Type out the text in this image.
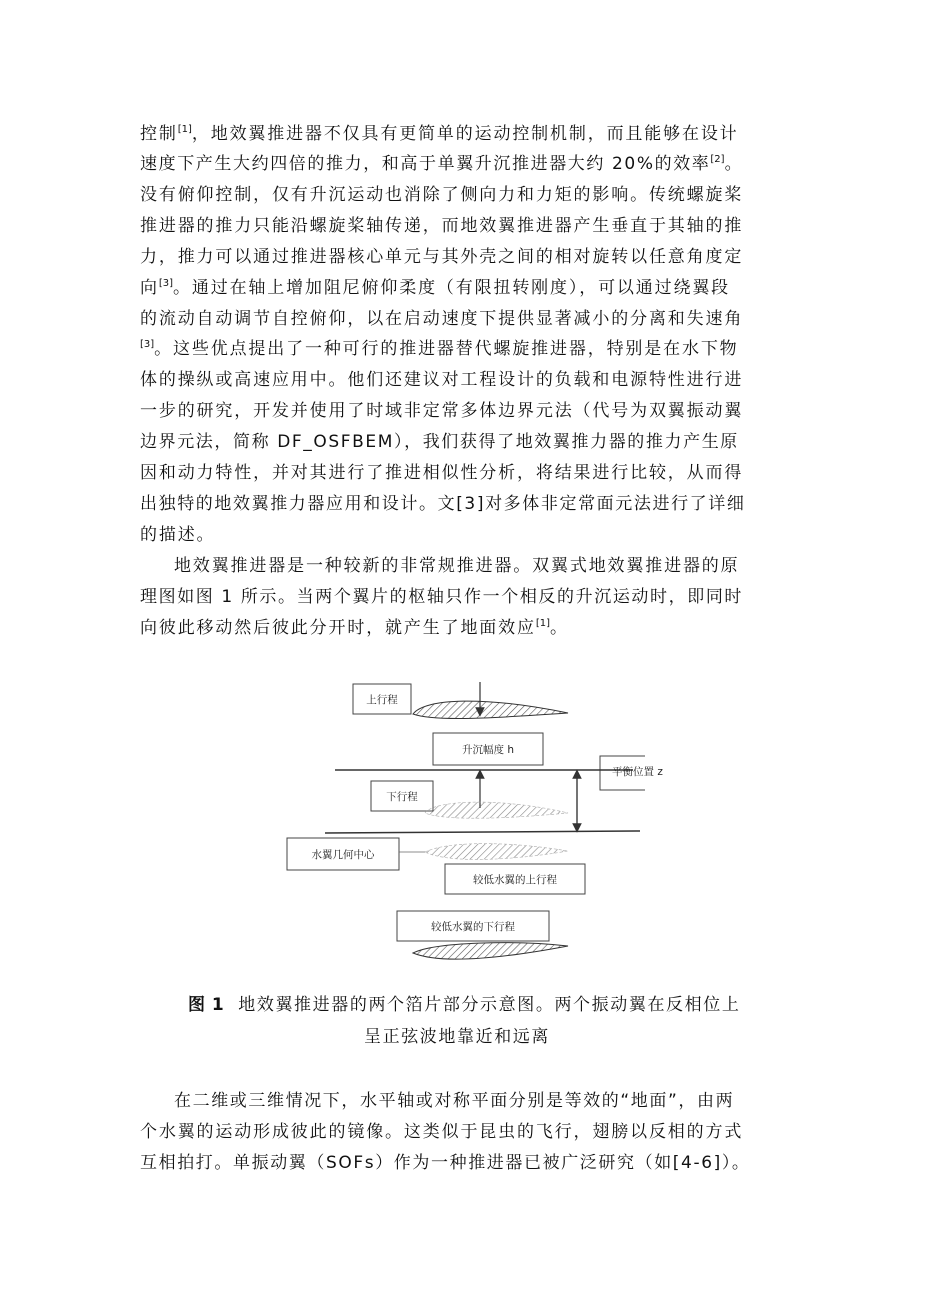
控制[1]，地效翼推进器不仅具有更简单的运动控制机制，而且能够在设计
速度下产生大约四倍的推力，和高于单翼升沉推进器大约 20%的效率[2]。
没有俯仰控制，仅有升沉运动也消除了侧向力和力矩的影响。传统螺旋桨
推进器的推力只能沿螺旋桨轴传递，而地效翼推进器产生垂直于其轴的推
力，推力可以通过推进器核心单元与其外壳之间的相对旋转以任意角度定
向[3]。通过在轴上增加阻尼俯仰柔度（有限扭转刚度），可以通过绕翼段
的流动自动调节自控俯仰，以在启动速度下提供显著减小的分离和失速角
[3]。这些优点提出了一种可行的推进器替代螺旋推进器，特别是在水下物
体的操纵或高速应用中。他们还建议对工程设计的负载和电源特性进行进
一步的研究，开发并使用了时域非定常多体边界元法（代号为双翼振动翼
边界元法，简称 DF_OSFBEM），我们获得了地效翼推力器的推力产生原
因和动力特性，并对其进行了推进相似性分析，将结果进行比较，从而得
出独特的地效翼推力器应用和设计。文[3]对多体非定常面元法进行了详细
的描述。
地效翼推进器是一种较新的非常规推进器。双翼式地效翼推进器的原
理图如图 1 所示。当两个翼片的枢轴只作一个相反的升沉运动时，即同时
向彼此移动然后彼此分开时，就产生了地面效应[1]。
上行程
升沉幅度 h
下行程
水翼几何中心
较低水翼的上行程
较低水翼的下行程
平衡位置 z
图 1 地效翼推进器的两个箔片部分示意图。两个振动翼在反相位上
呈正弦波地靠近和远离
在二维或三维情况下，水平轴或对称平面分别是等效的“地面”，由两
个水翼的运动形成彼此的镜像。这类似于昆虫的飞行，翅膀以反相的方式
互相拍打。单振动翼（SOFs）作为一种推进器已被广泛研究（如[4-6]）。
